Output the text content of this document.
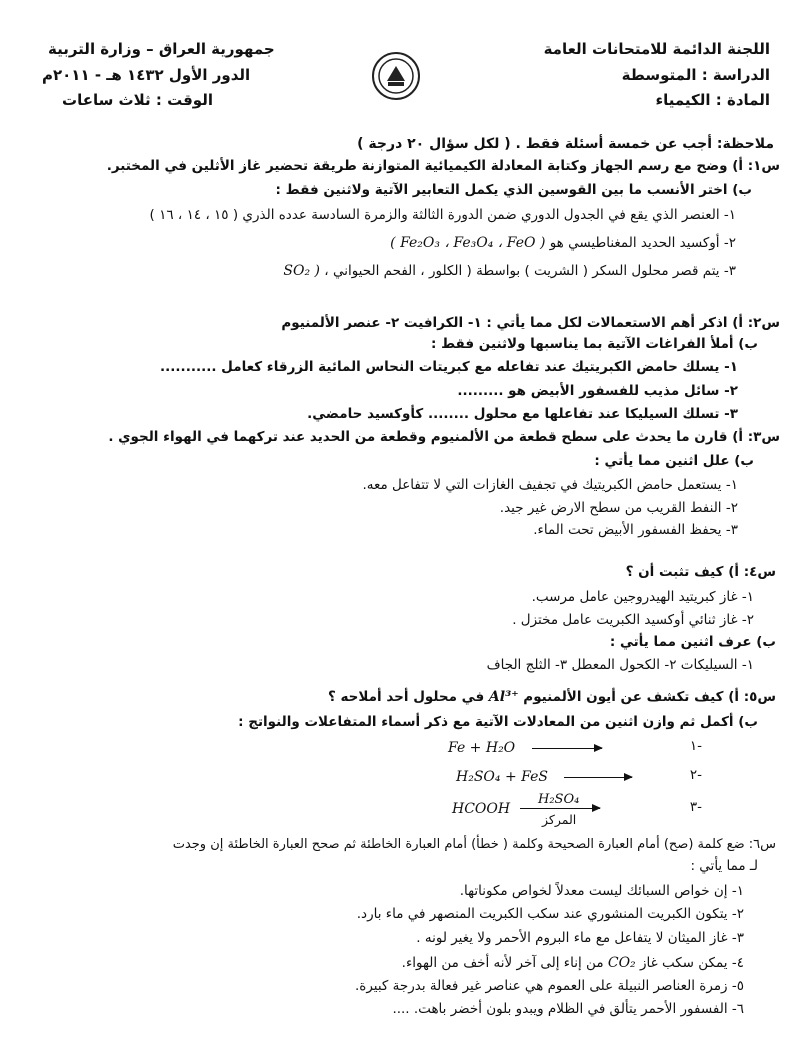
اللجنة الدائمة للامتحانات العامة
الدراسة : المتوسطة
المادة : الكيمياء
جمهورية العراق – وزارة التربية
الدور الأول ١٤٣٢ هـ - ٢٠١١م
الوقت : ثلاث ساعات
ملاحظة: أجب عن خمسة أسئلة فقط . ( لكل سؤال ٢٠ درجة )
س١: أ) وضح مع رسم الجهاز وكتابة المعادلة الكيميائية المتوازنة طريقة تحضير غاز الأثلين في المختبر.
ب) اختر الأنسب ما بين القوسين الذي يكمل التعابير الآتية ولاثنين فقط :
١- العنصر الذي يقع في الجدول الدوري ضمن الدورة الثالثة والزمرة السادسة عدده الذري ( ١٥ ، ١٤ ، ١٦ )
٢- أوكسيد الحديد المغناطيسي هو ( Fe₂O₃ ، Fe₃O₄ ، FeO )
٣- يتم قصر محلول السكر ( الشريت ) بواسطة ( الكلور ، الفحم الحيواني ، SO₂ )
س٢: أ) اذكر أهم الاستعمالات لكل مما يأتي : ١- الكرافيت ٢- عنصر الألمنيوم
ب) أملأ الفراغات الآتية بما يناسبها ولاثنين فقط :
١- يسلك حامض الكبريتيك عند تفاعله مع كبريتات النحاس المائية الزرقاء كعامل ...........
٢- سائل مذيب للفسفور الأبيض هو .........
٣- تسلك السيليكا عند تفاعلها مع محلول ........ كأوكسيد حامضي.
س٣: أ) قارن ما يحدث على سطح قطعة من الألمنيوم وقطعة من الحديد عند تركهما في الهواء الجوي .
ب) علل اثنين مما يأتي :
١- يستعمل حامض الكبريتيك في تجفيف الغازات التي لا تتفاعل معه.
٢- النفط القريب من سطح الارض غير جيد.
٣- يحفظ الفسفور الأبيض تحت الماء.
س٤: أ) كيف تثبت أن ؟
١- غاز كبريتيد الهيدروجين عامل مرسب.
٢- غاز ثنائي أوكسيد الكبريت عامل مختزل .
ب) عرف اثنين مما يأتي :
١- السيليكات ٢- الكحول المعطل ٣- الثلج الجاف
س٥: أ) كيف تكشف عن أيون الألمنيوم Al³⁺ في محلول أحد أملاحه ؟
ب) أكمل ثم وازن اثنين من المعادلات الآتية مع ذكر أسماء المتفاعلات والنواتج :
-١
Fe + H₂O
-٢
H₂SO₄ + FeS
-٣
HCOOH
H₂SO₄
المركز
س٦: ضع كلمة (صح) أمام العبارة الصحيحة وكلمة ( خطأ) أمام العبارة الخاطئة ثم صحح العبارة الخاطئة إن وجدت
لـ مما يأتي :
١- إن خواص السبائك ليست معدلاً لخواص مكوناتها.
٢- يتكون الكبريت المنشوري عند سكب الكبريت المنصهر في ماء بارد.
٣- غاز الميثان لا يتفاعل مع ماء البروم الأحمر ولا يغير لونه .
٤- يمكن سكب غاز CO₂ من إناء إلى آخر لأنه أخف من الهواء.
٥- زمرة العناصر النبيلة على العموم هي عناصر غير فعالة بدرجة كبيرة.
٦- الفسفور الأحمر يتألق في الظلام ويبدو بلون أخضر باهت. ....
